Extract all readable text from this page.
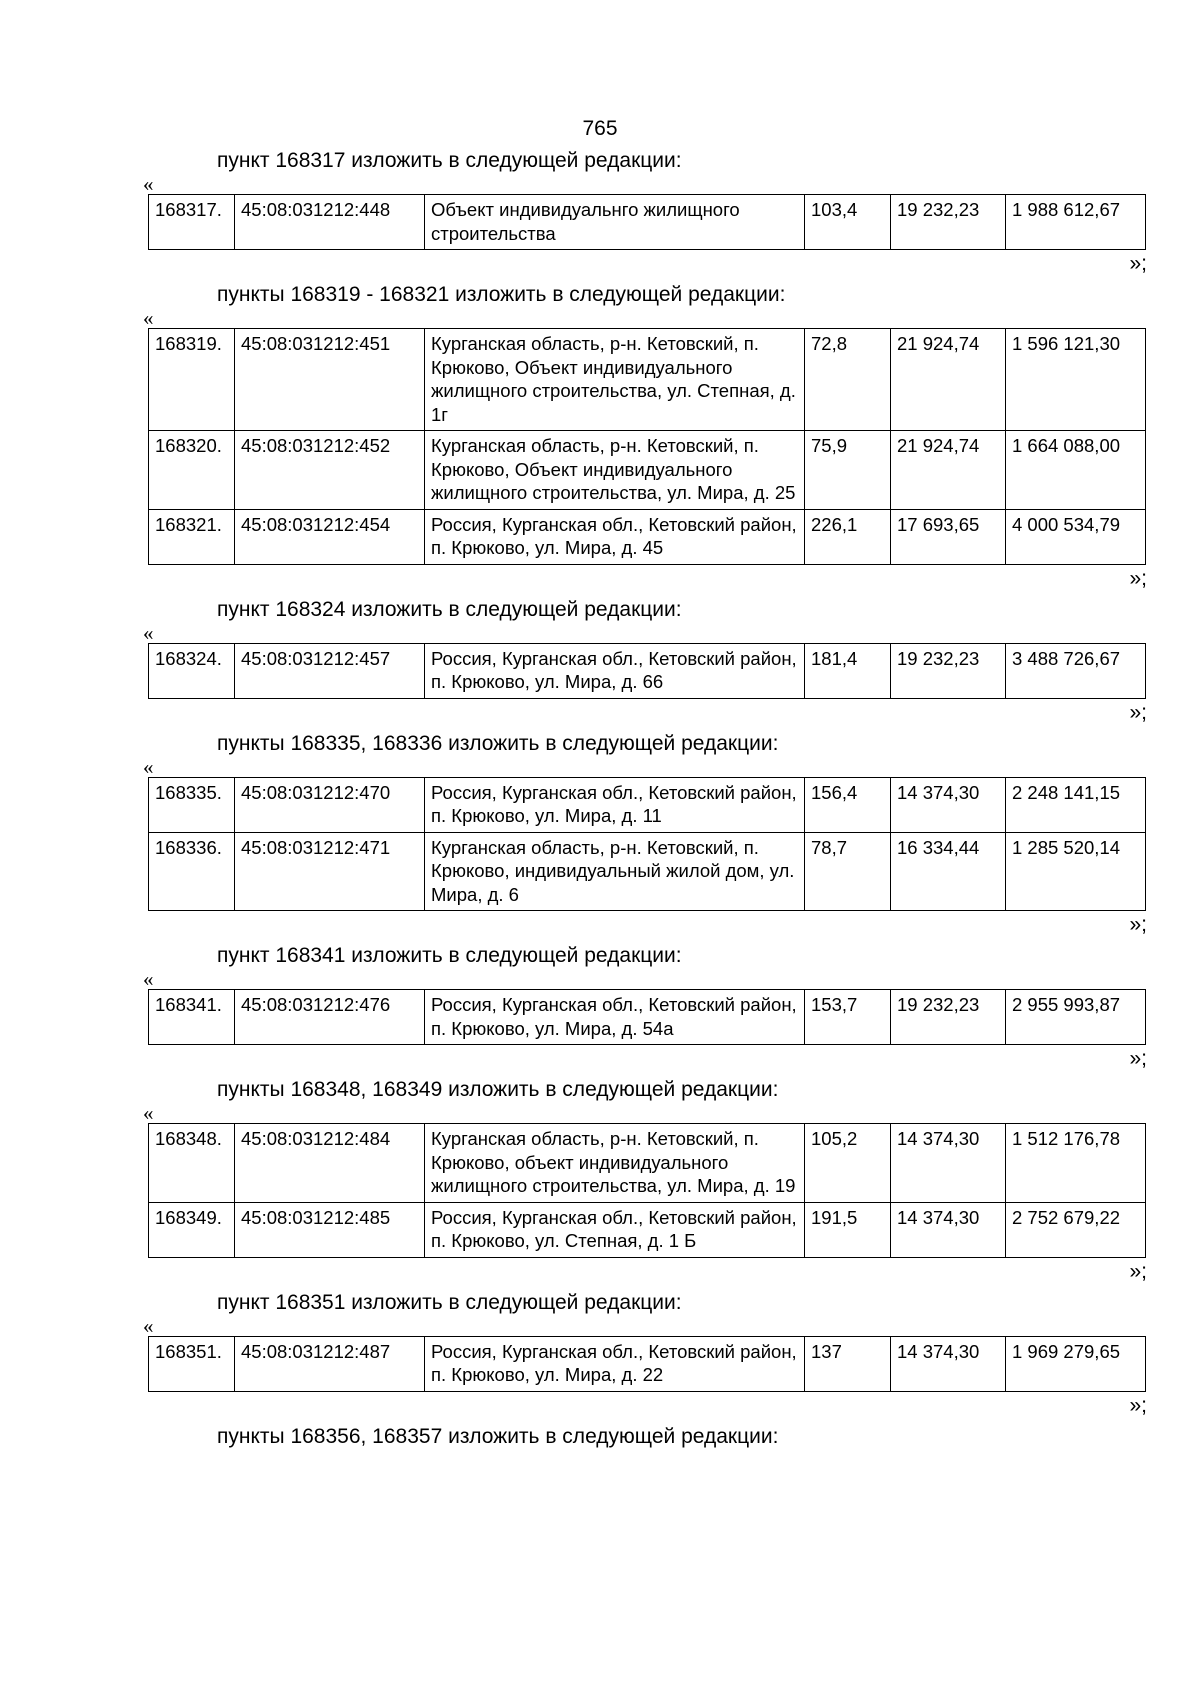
765
пункт 168317 изложить в следующей редакции:
«
168317.	45:08:031212:448	Объект индивидуальнго жилищного строительства	103,4	19 232,23	1 988 612,67
»;
пункты 168319 - 168321 изложить в следующей редакции:
«
168319.	45:08:031212:451	Курганская область, р-н. Кетовский, п. Крюково, Объект индивидуального жилищного строительства, ул. Степная, д. 1г	72,8	21 924,74	1 596 121,30
168320.	45:08:031212:452	Курганская область, р-н. Кетовский, п. Крюково, Объект индивидуального жилищного строительства, ул. Мира, д. 25	75,9	21 924,74	1 664 088,00
168321.	45:08:031212:454	Россия, Курганская обл., Кетовский район, п. Крюково, ул. Мира, д. 45	226,1	17 693,65	4 000 534,79
»;
пункт 168324 изложить в следующей редакции:
«
168324.	45:08:031212:457	Россия, Курганская обл., Кетовский район, п. Крюково, ул. Мира, д. 66	181,4	19 232,23	3 488 726,67
»;
пункты 168335, 168336 изложить в следующей редакции:
«
168335.	45:08:031212:470	Россия, Курганская обл., Кетовский район, п. Крюково, ул. Мира, д. 11	156,4	14 374,30	2 248 141,15
168336.	45:08:031212:471	Курганская область, р-н. Кетовский, п. Крюково, индивидуальный жилой дом, ул. Мира, д. 6	78,7	16 334,44	1 285 520,14
»;
пункт 168341 изложить в следующей редакции:
«
168341.	45:08:031212:476	Россия, Курганская обл., Кетовский район, п. Крюково, ул. Мира, д. 54а	153,7	19 232,23	2 955 993,87
»;
пункты 168348, 168349 изложить в следующей редакции:
«
168348.	45:08:031212:484	Курганская область, р-н. Кетовский, п. Крюково, объект индивидуального жилищного строительства, ул. Мира, д. 19	105,2	14 374,30	1 512 176,78
168349.	45:08:031212:485	Россия, Курганская обл., Кетовский район, п. Крюково, ул. Степная, д. 1 Б	191,5	14 374,30	2 752 679,22
»;
пункт 168351 изложить в следующей редакции:
«
168351.	45:08:031212:487	Россия, Курганская обл., Кетовский район, п. Крюково, ул. Мира, д. 22	137	14 374,30	1 969 279,65
»;
пункты 168356, 168357 изложить в следующей редакции:
